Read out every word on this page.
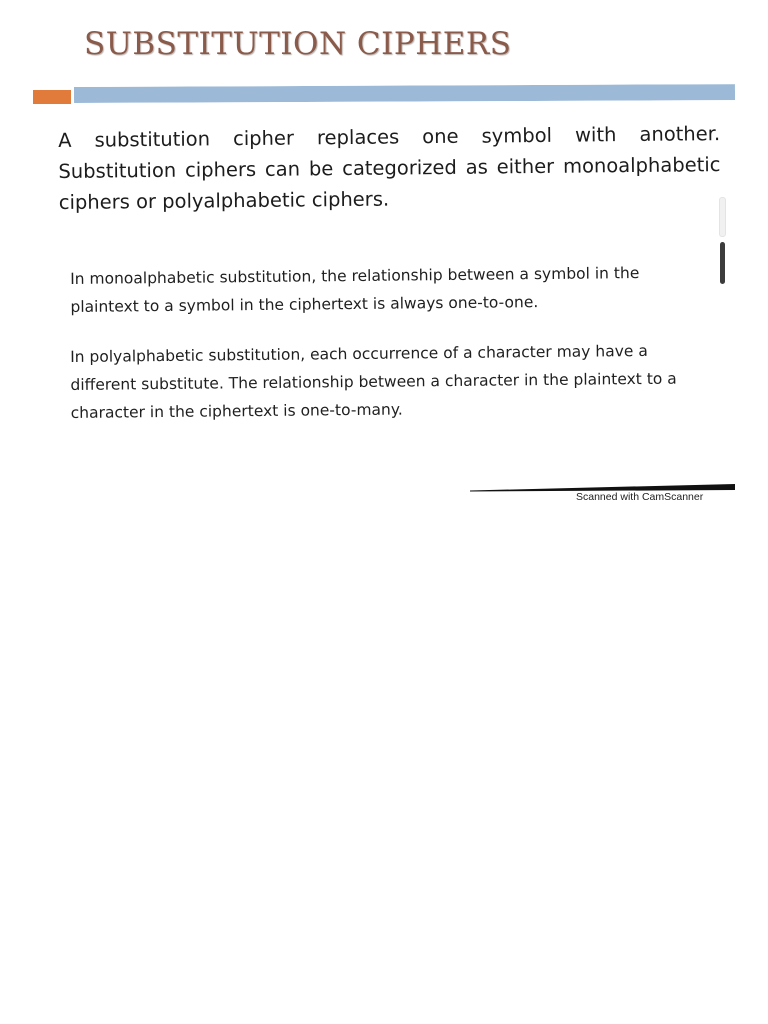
SUBSTITUTION CIPHERS

A substitution cipher replaces one symbol with another. Substitution ciphers can be categorized as either monoalphabetic ciphers or polyalphabetic ciphers.

In monoalphabetic substitution, the relationship between a symbol in the plaintext to a symbol in the ciphertext is always one-to-one.

In polyalphabetic substitution, each occurrence of a character may have a different substitute. The relationship between a character in the plaintext to a character in the ciphertext is one-to-many.

Scanned with CamScanner
